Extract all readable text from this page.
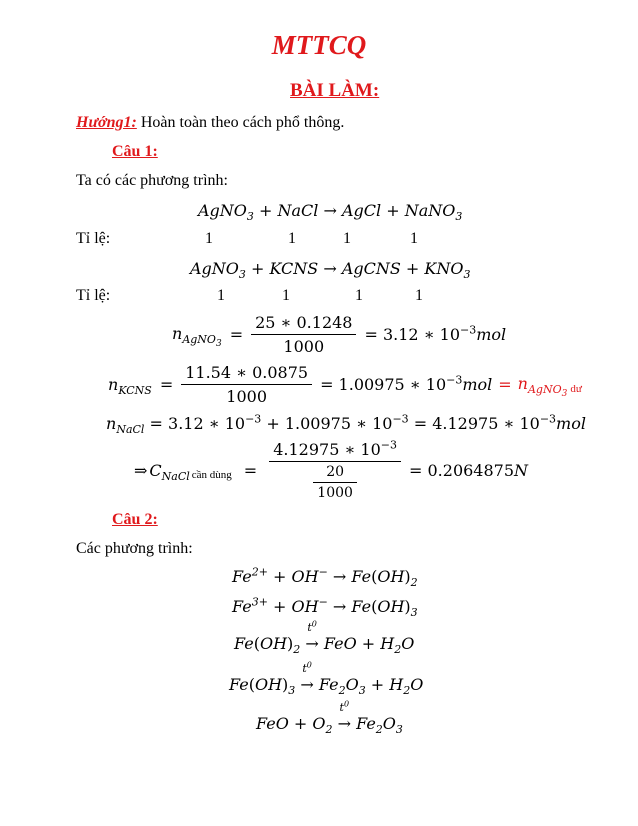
MTTCQ
BÀI LÀM:
Hướng1: Hoàn toàn theo cách phổ thông.
Câu 1:
Ta có các phương trình:
AgNO$_3$ + NaCl → AgCl + NaNO$_3$
Tỉ lệ:	1	1	1	1
AgNO$_3$ + KCNS → AgCNS + $KNO_3$
Tỉ lệ:	1	1	1	1
$n_{AgNO_3}$
= $\frac{25 ∗ 0.1248}{1000} = 3.12$ ∗ $10^{-3}$ mol
$n_{KCNS} = \frac{11.54 ∗ 0.0875}{1000} = 1.00975$ ∗ $10^{-3}$ mol = $n_{AgNO_3}$ dư
$n_{NaCl} = 3.12$ ∗ $10^{-3} + 1.00975$ ∗ $10^{-3} = 4.12975$ ∗ $10^{-3}mol$
⇒ $C_{NaCl}$ cần dùng = $\frac{4.12975 ∗ 10^{-3}}{\frac{20}{1000}} = 0.2064875$ N
Câu 2:
Các phương trình:
$Fe^{2+} + OH^- \to Fe(OH)_2$
$Fe^{3+} + OH^- \to Fe(OH)_3$
$Fe(OH)_2$
$t^0$
→ FeO + $H_2O$
$Fe(OH)_3$
$t^0$
→ $Fe_2O_3 + H_2O$
FeO + $O_2$
$t^0$
→ $Fe_2O_3$
